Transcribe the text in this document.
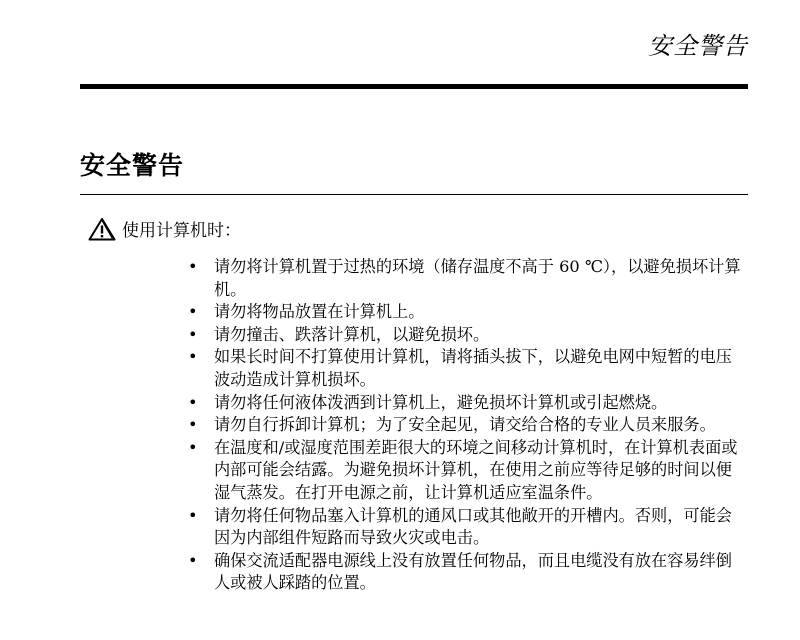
安全警告
安全警告
使用计算机时：
• 请勿将计算机置于过热的环境（储存温度不高于 60 ℃），以避免损坏计算机。
• 请勿将物品放置在计算机上。
• 请勿撞击、跌落计算机，以避免损坏。
• 如果长时间不打算使用计算机，请将插头拔下，以避免电网中短暂的电压波动造成计算机损坏。
• 请勿将任何液体泼洒到计算机上，避免损坏计算机或引起燃烧。
• 请勿自行拆卸计算机；为了安全起见，请交给合格的专业人员来服务。
• 在温度和/或湿度范围差距很大的环境之间移动计算机时，在计算机表面或内部可能会结露。为避免损坏计算机，在使用之前应等待足够的时间以便湿气蒸发。在打开电源之前，让计算机适应室温条件。
• 请勿将任何物品塞入计算机的通风口或其他敞开的开槽内。否则，可能会因为内部组件短路而导致火灾或电击。
• 确保交流适配器电源线上没有放置任何物品，而且电缆没有放在容易绊倒人或被人踩踏的位置。
